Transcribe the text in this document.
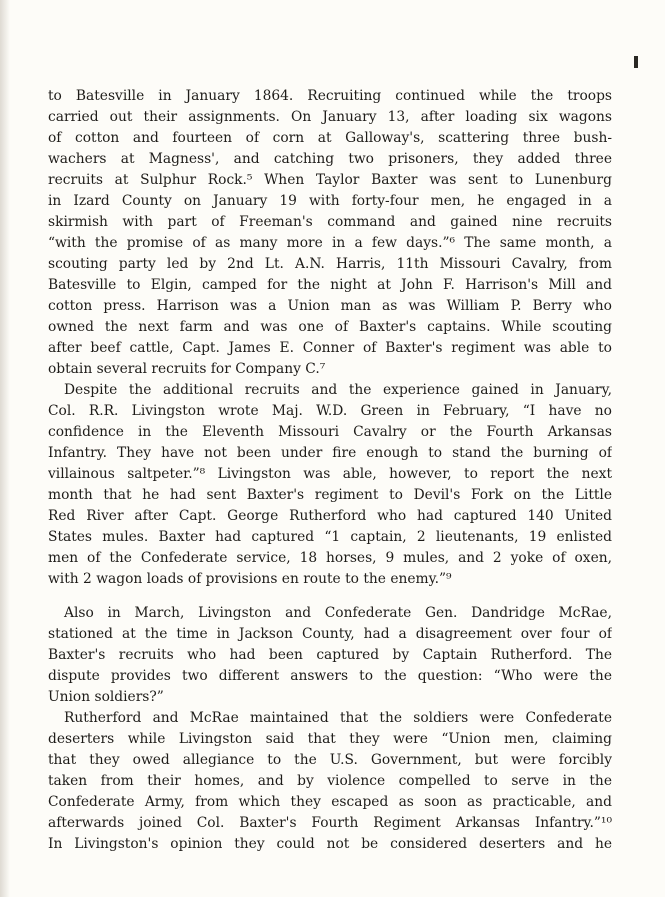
to Batesville in January 1864. Recruiting continued while the troops
carried out their assignments. On January 13, after loading six wagons
of cotton and fourteen of corn at Galloway's, scattering three bush-
wachers at Magness', and catching two prisoners, they added three
recruits at Sulphur Rock.⁵ When Taylor Baxter was sent to Lunenburg
in Izard County on January 19 with forty-four men, he engaged in a
skirmish with part of Freeman's command and gained nine recruits
“with the promise of as many more in a few days.”⁶ The same month, a
scouting party led by 2nd Lt. A.N. Harris, 11th Missouri Cavalry, from
Batesville to Elgin, camped for the night at John F. Harrison's Mill and
cotton press. Harrison was a Union man as was William P. Berry who
owned the next farm and was one of Baxter's captains. While scouting
after beef cattle, Capt. James E. Conner of Baxter's regiment was able to
obtain several recruits for Company C.⁷
Despite the additional recruits and the experience gained in January,
Col. R.R. Livingston wrote Maj. W.D. Green in February, “I have no
confidence in the Eleventh Missouri Cavalry or the Fourth Arkansas
Infantry. They have not been under fire enough to stand the burning of
villainous saltpeter.”⁸ Livingston was able, however, to report the next
month that he had sent Baxter's regiment to Devil's Fork on the Little
Red River after Capt. George Rutherford who had captured 140 United
States mules. Baxter had captured “1 captain, 2 lieutenants, 19 enlisted
men of the Confederate service, 18 horses, 9 mules, and 2 yoke of oxen,
with 2 wagon loads of provisions en route to the enemy.”⁹
Also in March, Livingston and Confederate Gen. Dandridge McRae,
stationed at the time in Jackson County, had a disagreement over four of
Baxter's recruits who had been captured by Captain Rutherford. The
dispute provides two different answers to the question: “Who were the
Union soldiers?”
Rutherford and McRae maintained that the soldiers were Confederate
deserters while Livingston said that they were “Union men, claiming
that they owed allegiance to the U.S. Government, but were forcibly
taken from their homes, and by violence compelled to serve in the
Confederate Army, from which they escaped as soon as practicable, and
afterwards joined Col. Baxter's Fourth Regiment Arkansas Infantry.”¹⁰
In Livingston's opinion they could not be considered deserters and he
